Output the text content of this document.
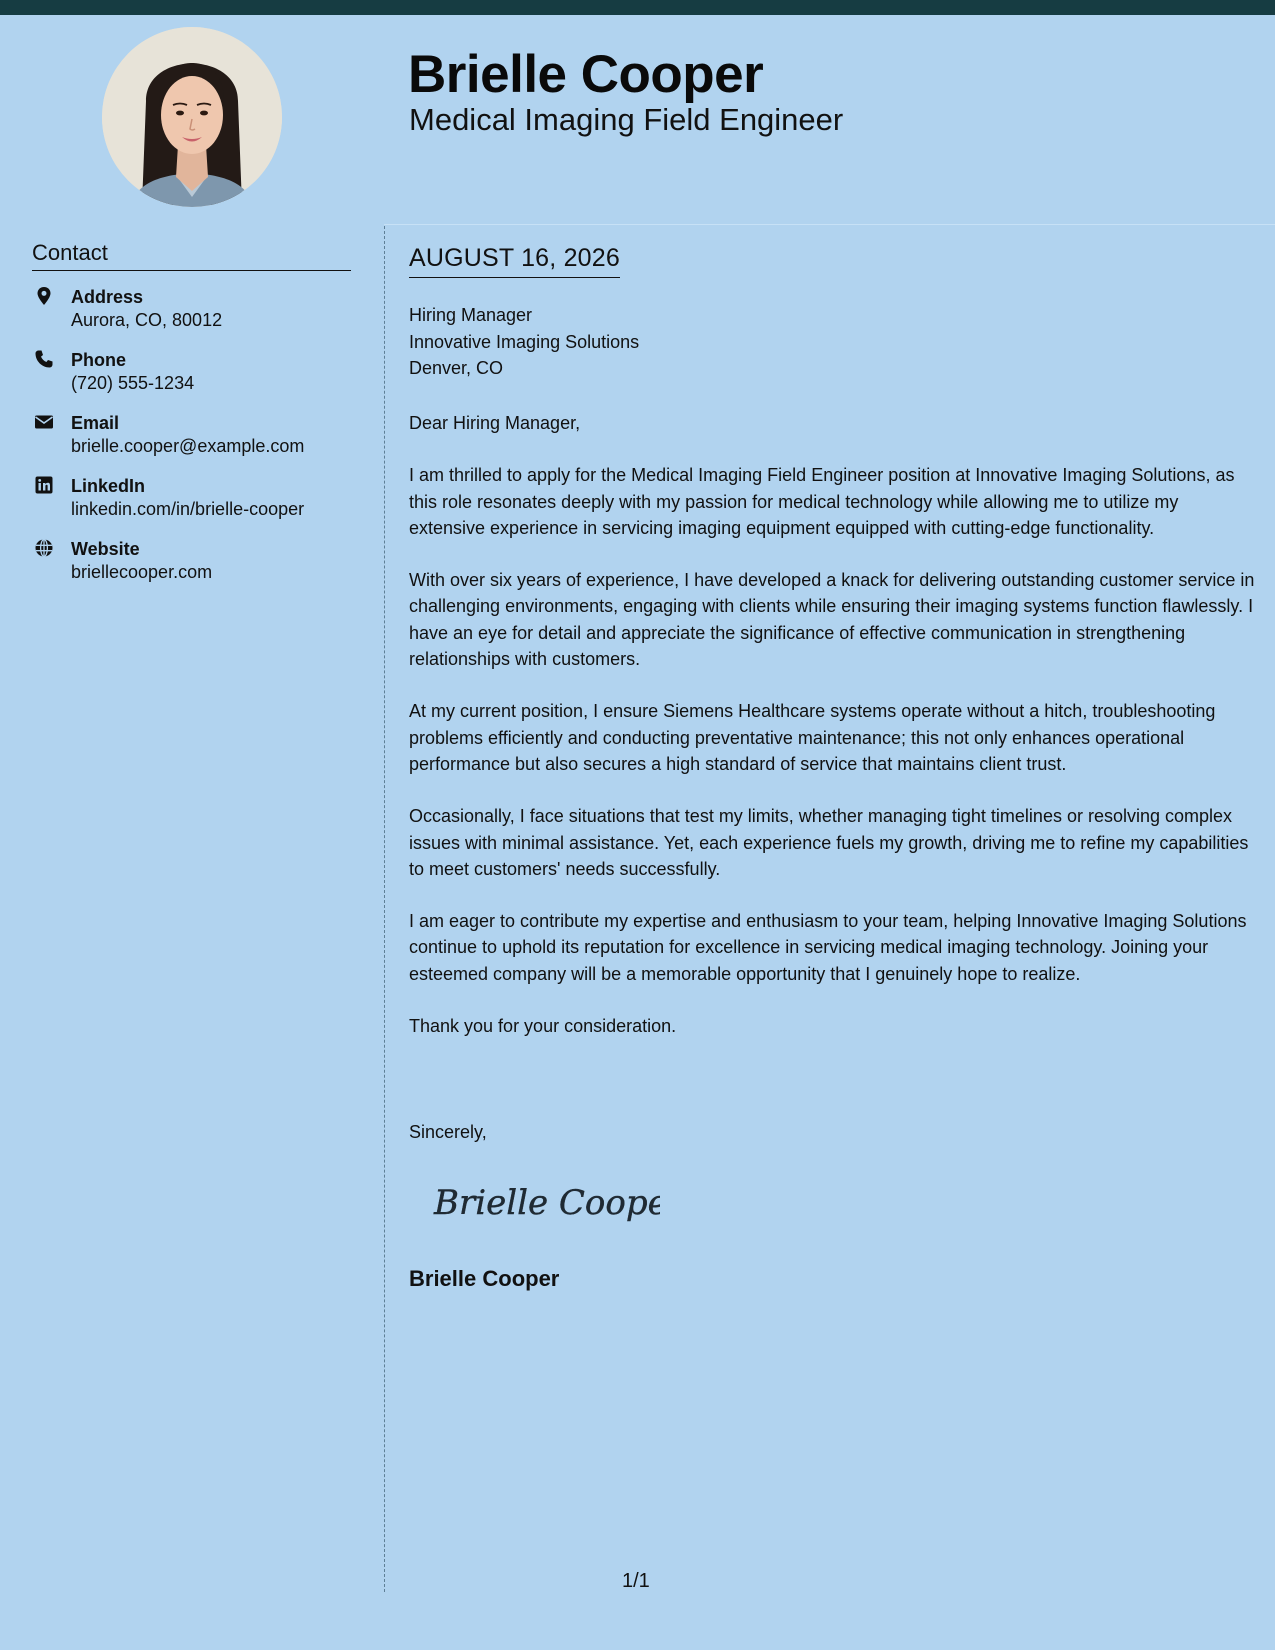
Brielle Cooper
Medical Imaging Field Engineer
Contact
Address
Aurora, CO, 80012
Phone
(720) 555-1234
Email
brielle.cooper@example.com
LinkedIn
linkedin.com/in/brielle-cooper
Website
briellecooper.com
AUGUST 16, 2026
Hiring Manager
Innovative Imaging Solutions
Denver, CO

Dear Hiring Manager,

I am thrilled to apply for the Medical Imaging Field Engineer position at Innovative Imaging Solutions, as this role resonates deeply with my passion for medical technology while allowing me to utilize my extensive experience in servicing imaging equipment equipped with cutting-edge functionality.

With over six years of experience, I have developed a knack for delivering outstanding customer service in challenging environments, engaging with clients while ensuring their imaging systems function flawlessly. I have an eye for detail and appreciate the significance of effective communication in strengthening relationships with customers.

At my current position, I ensure Siemens Healthcare systems operate without a hitch, troubleshooting problems efficiently and conducting preventative maintenance; this not only enhances operational performance but also secures a high standard of service that maintains client trust.

Occasionally, I face situations that test my limits, whether managing tight timelines or resolving complex issues with minimal assistance. Yet, each experience fuels my growth, driving me to refine my capabilities to meet customers' needs successfully.

I am eager to contribute my expertise and enthusiasm to your team, helping Innovative Imaging Solutions continue to uphold its reputation for excellence in servicing medical imaging technology. Joining your esteemed company will be a memorable opportunity that I genuinely hope to realize.

Thank you for your consideration.

Sincerely,
Brielle Cooper
Brielle Cooper
1/1
